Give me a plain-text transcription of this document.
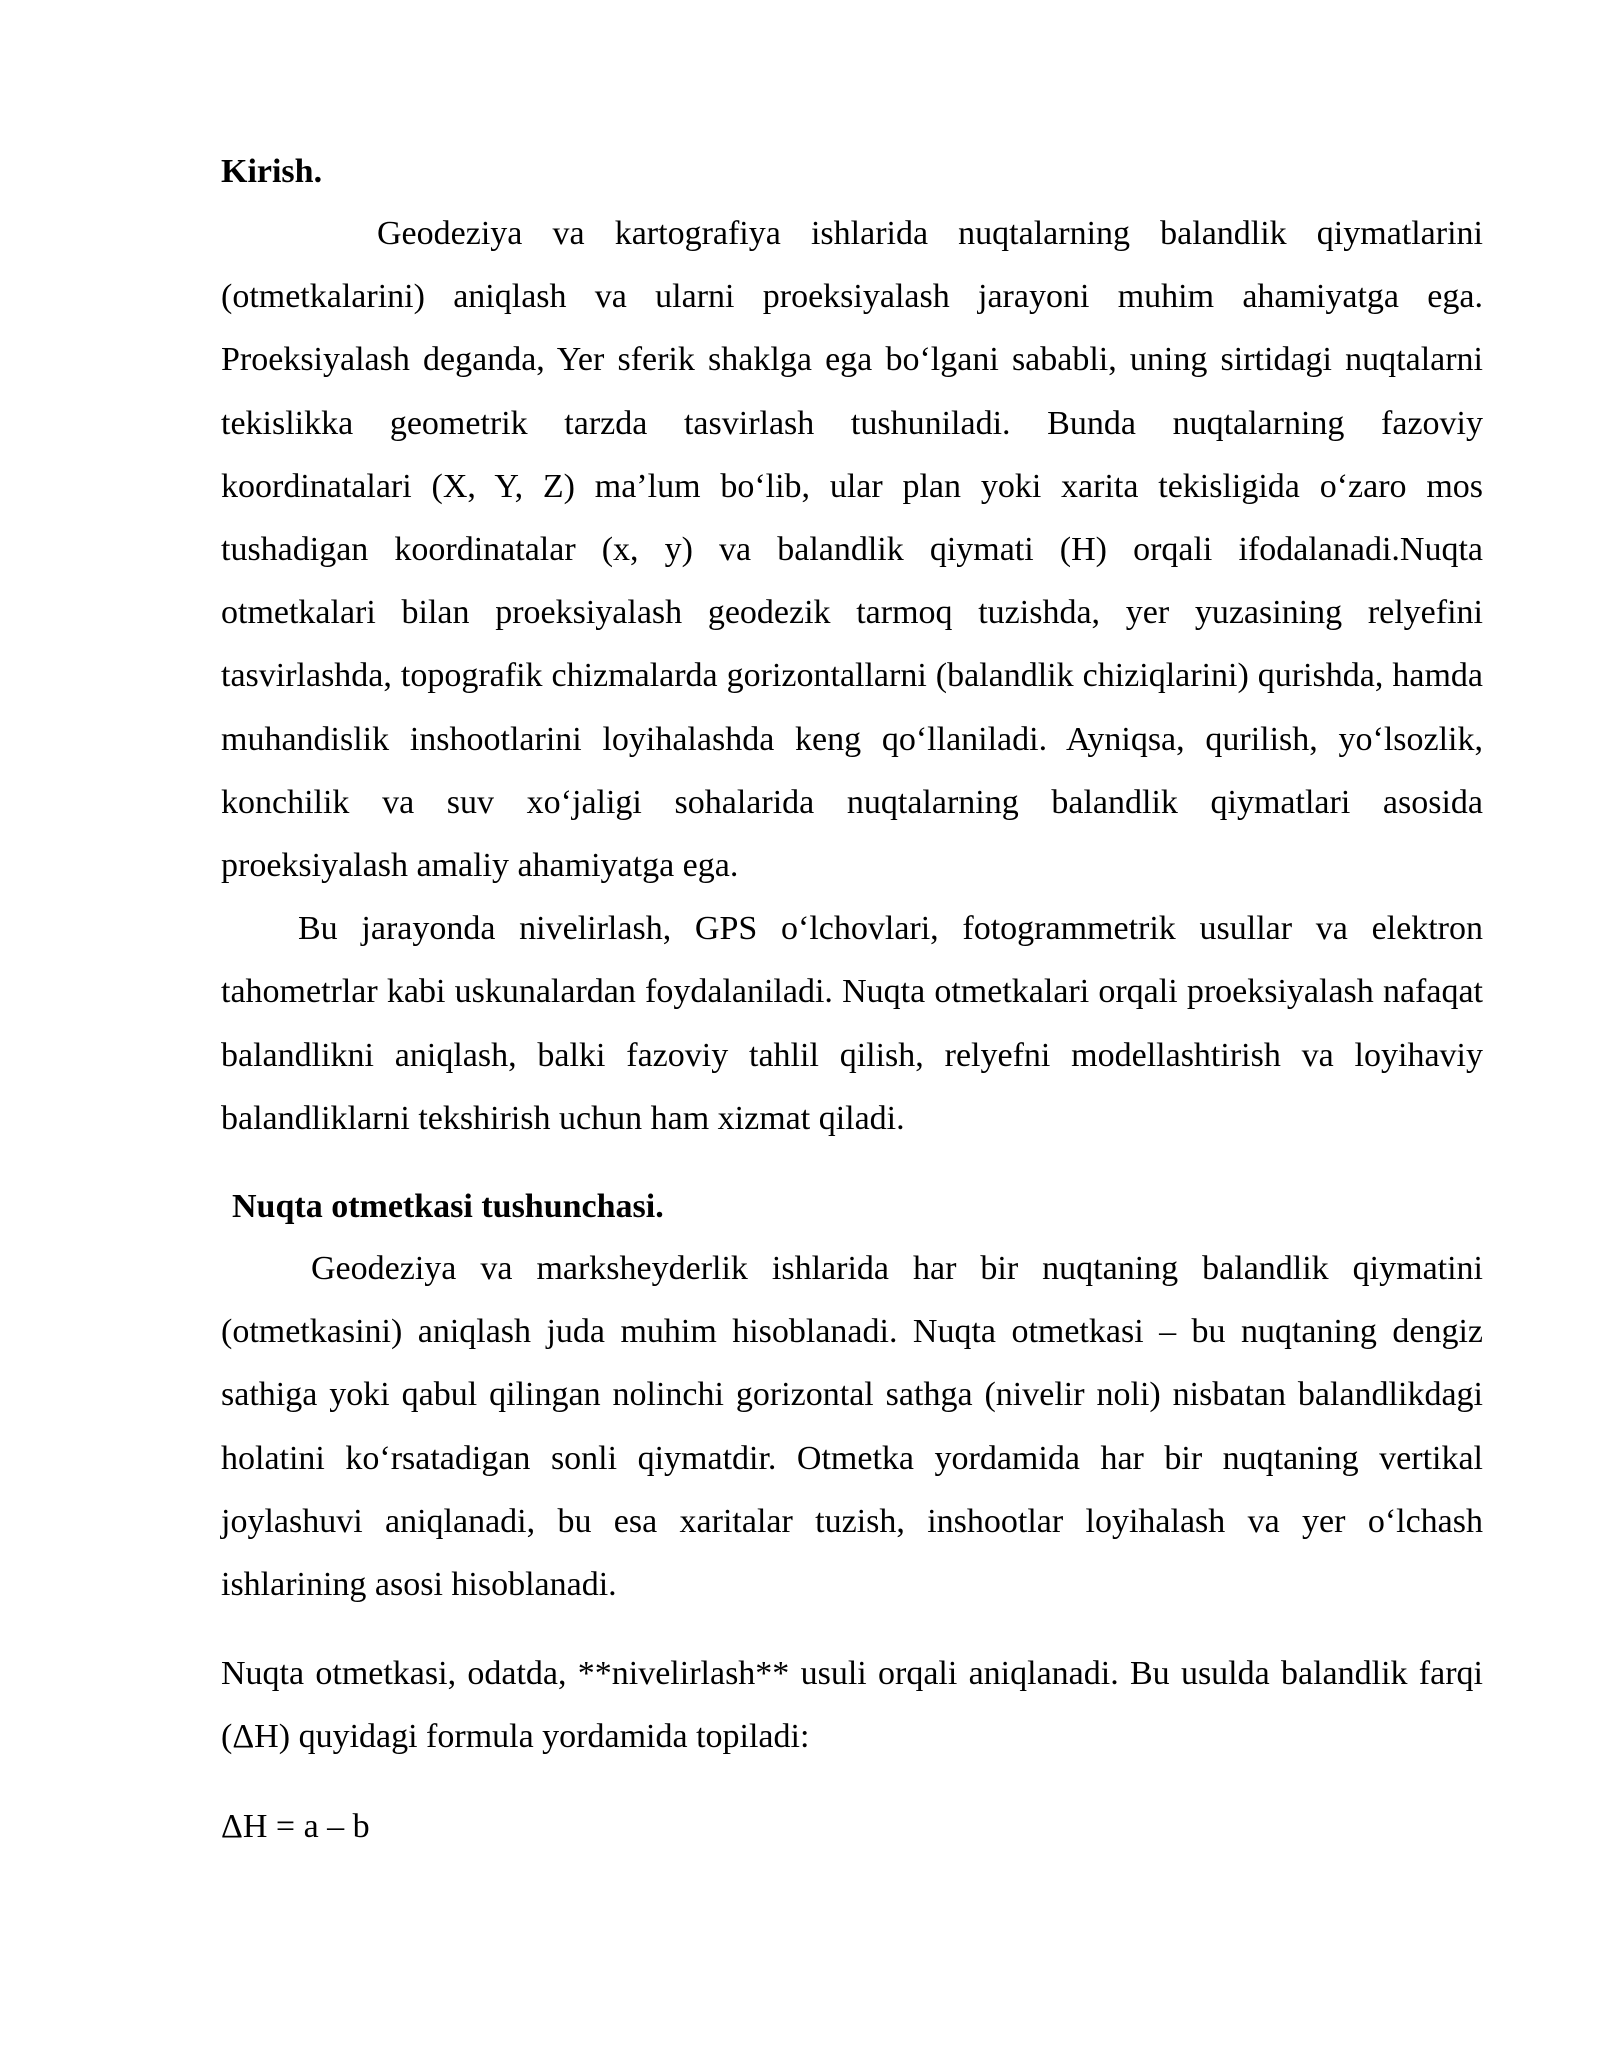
Kirish.

Geodeziya va kartografiya ishlarida nuqtalarning balandlik qiymatlarini (otmetkalarini) aniqlash va ularni proeksiyalash jarayoni muhim ahamiyatga ega. Proeksiyalash deganda, Yer sferik shaklga ega bo‘lgani sababli, uning sirtidagi nuqtalarni tekislikka geometrik tarzda tasvirlash tushuniladi. Bunda nuqtalarning fazoviy koordinatalari (X, Y, Z) ma’lum bo‘lib, ular plan yoki xarita tekisligida o‘zaro mos tushadigan koordinatalar (x, y) va balandlik qiymati (H) orqali ifodalanadi.Nuqta otmetkalari bilan proeksiyalash geodezik tarmoq tuzishda, yer yuzasining relyefini tasvirlashda, topografik chizmalarda gorizontallarni (balandlik chiziqlarini) qurishda, hamda muhandislik inshootlarini loyihalashda keng qo‘llaniladi. Ayniqsa, qurilish, yo‘lsozlik, konchilik va suv xo‘jaligi sohalarida nuqtalarning balandlik qiymatlari asosida proeksiyalash amaliy ahamiyatga ega.

Bu jarayonda nivelirlash, GPS o‘lchovlari, fotogrammetrik usullar va elektron tahometrlar kabi uskunalardan foydalaniladi. Nuqta otmetkalari orqali proeksiyalash nafaqat balandlikni aniqlash, balki fazoviy tahlil qilish, relyefni modellashtirish va loyihaviy balandliklarni tekshirish uchun ham xizmat qiladi.

Nuqta otmetkasi tushunchasi.

Geodeziya va marksheyderlik ishlarida har bir nuqtaning balandlik qiymatini (otmetkasini) aniqlash juda muhim hisoblanadi. Nuqta otmetkasi – bu nuqtaning dengiz sathiga yoki qabul qilingan nolinchi gorizontal sathga (nivelir noli) nisbatan balandlikdagi holatini ko‘rsatadigan sonli qiymatdir. Otmetka yordamida har bir nuqtaning vertikal joylashuvi aniqlanadi, bu esa xaritalar tuzish, inshootlar loyihalash va yer o‘lchash ishlarining asosi hisoblanadi.

Nuqta otmetkasi, odatda, **nivelirlash** usuli orqali aniqlanadi. Bu usulda balandlik farqi (ΔH) quyidagi formula yordamida topiladi:

ΔH = a – b
